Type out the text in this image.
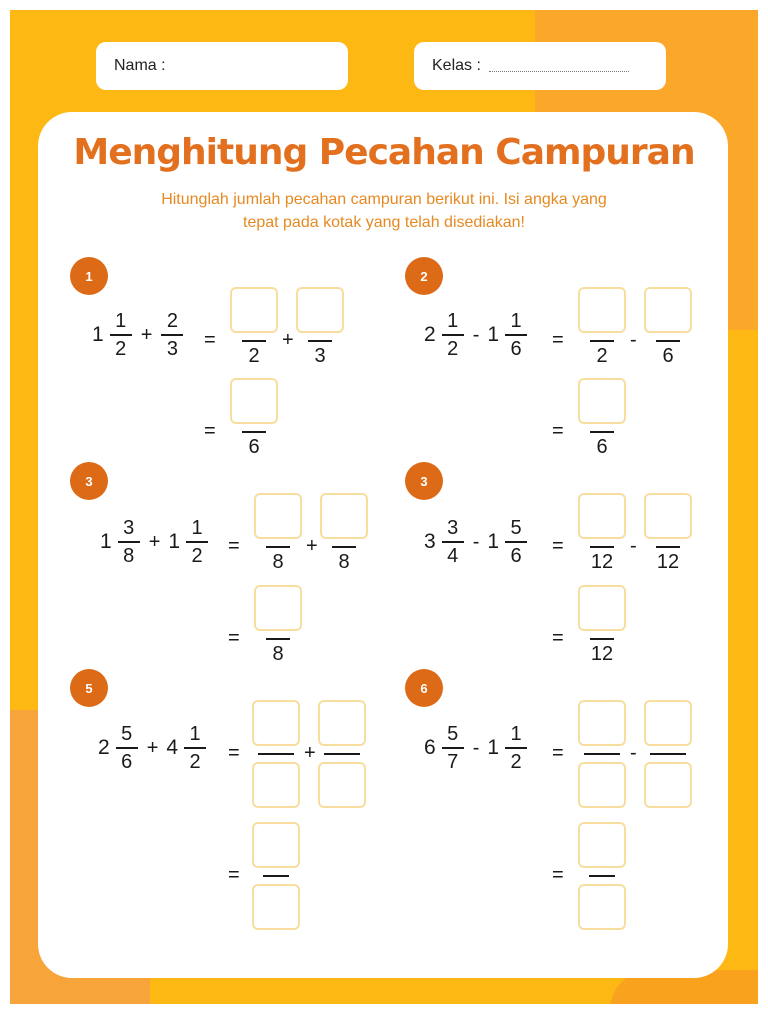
Nama :	Kelas :
Menghitung Pecahan Campuran
Hitunglah jumlah pecahan campuran berikut ini. Isi angka yang
tepat pada kotak yang telah disediakan!
1
$1 \frac{1}{2} + \frac{2}{3}$ =
2	3
+
=
6
2
$2 \frac{1}{2} - 1 \frac{1}{6}$ =
2	6
-
=
6
3
$1 \frac{3}{8} + 1 \frac{1}{2}$ =
8	8
+
=
8
3
$3 \frac{3}{4} - 1 \frac{5}{6}$ =
12	12
-
=
12
5
$2 \frac{5}{6} + 4 \frac{1}{2}$ =	+
=
6
$6 \frac{5}{7} - 1 \frac{1}{2}$ =	-
=
